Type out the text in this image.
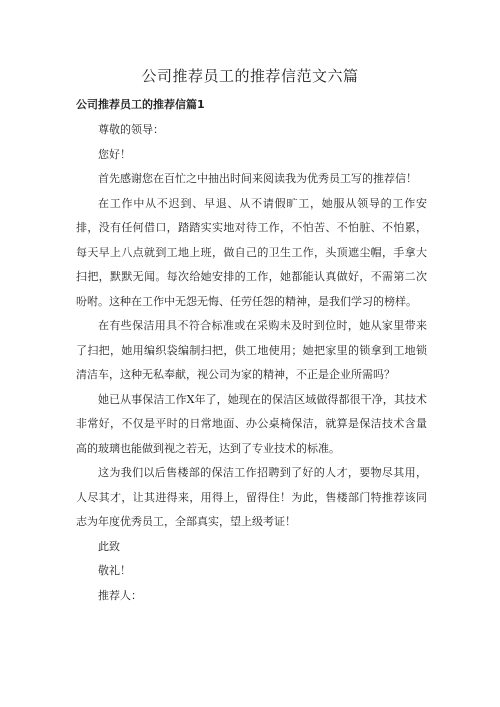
公司推荐员工的推荐信范文六篇
公司推荐员工的推荐信篇1

尊敬的领导：

您好！

首先感谢您在百忙之中抽出时间来阅读我为优秀员工写的推荐信！

在工作中从不迟到、早退、从不请假旷工，她服从领导的工作安排，没有任何借口，踏踏实实地对待工作，不怕苦、不怕脏、不怕累，每天早上八点就到工地上班，做自己的卫生工作，头顶遮尘帽，手拿大扫把，默默无闻。每次给她安排的工作，她都能认真做好，不需第二次吩咐。这种在工作中无怨无悔、任劳任怨的精神，是我们学习的榜样。

在有些保洁用具不符合标准或在采购未及时到位时，她从家里带来了扫把，她用编织袋编制扫把，供工地使用；她把家里的锁拿到工地锁清洁车，这种无私奉献，视公司为家的精神，不正是企业所需吗？

她已从事保洁工作X年了，她现在的保洁区域做得都很干净，其技术非常好，不仅是平时的日常地面、办公桌椅保洁，就算是保洁技术含量高的玻璃也能做到视之若无，达到了专业技术的标准。

这为我们以后售楼部的保洁工作招聘到了好的人才，要物尽其用，人尽其才，让其进得来，用得上，留得住！为此，售楼部门特推荐该同志为年度优秀员工，全部真实，望上级考证！

此致

敬礼！

推荐人：
